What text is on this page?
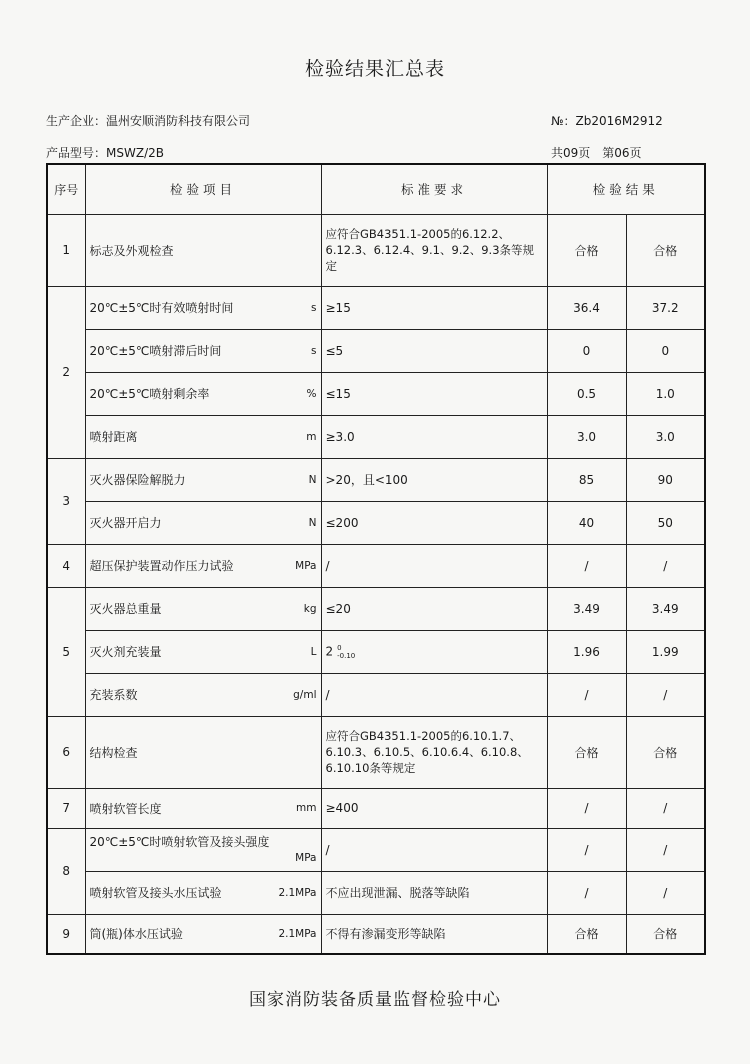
检验结果汇总表
生产企业：温州安顺消防科技有限公司	№：Zb2016M2912
产品型号：MSWZ/2B	共09页　第06页
序号	检验项目	标准要求	检验结果	
1	标志及外观检查	应符合GB4351.1-2005的6.12.2、6.12.3、6.12.4、9.1、9.2、9.3条等规定	合格	合格
2	20℃±5℃时有效喷射时间 s	≥15	36.4	37.2

	20℃±5℃喷射滞后时间 s	≤5	0	0

	20℃±5℃喷射剩余率 %	≤15	0.5	1.0

	喷射距离 m	≥3.0	3.0	3.0
3	灭火器保险解脱力 N	>20，且<100	85	90

	灭火器开启力 N	≤200	40	50
4	超压保护装置动作压力试验 MPa	/	/	/
5	灭火器总重量 kg	≤20	3.49	3.49

	灭火剂充装量 L	2 0
-0.10	1.96	1.99

	充装系数 g/ml	/	/	/
6	结构检查	应符合GB4351.1-2005的6.10.1.7、6.10.3、6.10.5、6.10.6.4、6.10.8、6.10.10条等规定	合格	合格
7	喷射软管长度 mm	≥400	/	/
8	20℃±5℃时喷射软管及接头强度
MPa	/	/	/

	喷射软管及接头水压试验 2.1MPa	不应出现泄漏、脱落等缺陷	/	/
9	筒(瓶)体水压试验 2.1MPa	不得有渗漏变形等缺陷	合格	合格
国家消防装备质量监督检验中心
